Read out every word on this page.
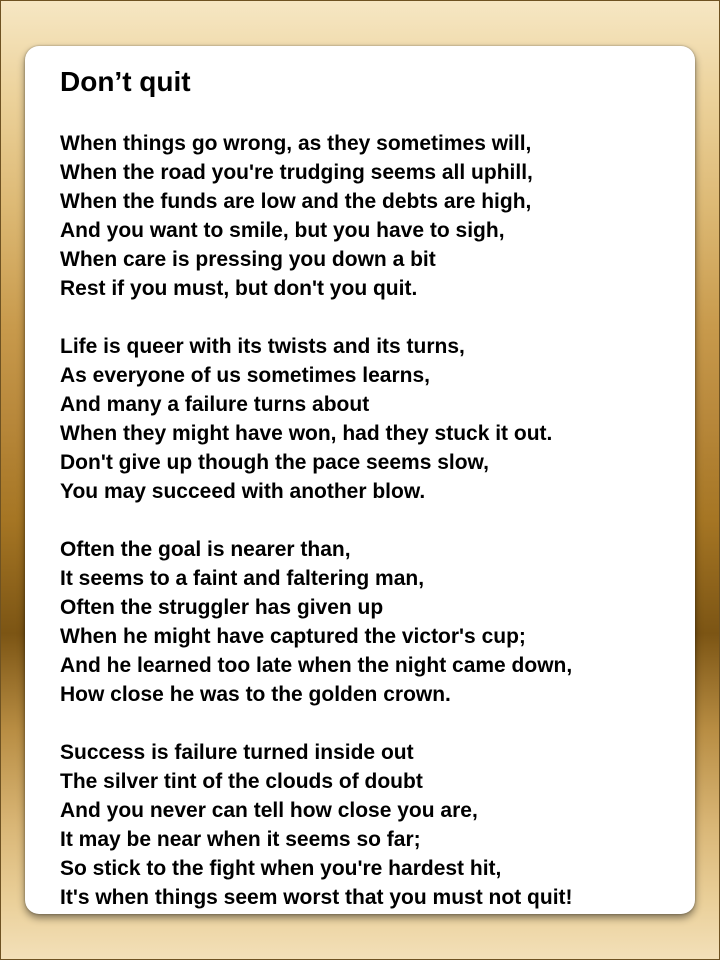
Don’t quit
When things go wrong, as they sometimes will,
When the road you're trudging seems all uphill,
When the funds are low and the debts are high,
And you want to smile, but you have to sigh,
When care is pressing you down a bit
Rest if you must, but don't you quit.
Life is queer with its twists and its turns,
As everyone of us sometimes learns,
And many a failure turns about
When they might have won, had they stuck it out.
Don't give up though the pace seems slow,
You may succeed with another blow.
Often the goal is nearer than,
It seems to a faint and faltering man,
Often the struggler has given up
When he might have captured the victor's cup;
And he learned too late when the night came down,
How close he was to the golden crown.
Success is failure turned inside out
The silver tint of the clouds of doubt
And you never can tell how close you are,
It may be near when it seems so far;
So stick to the fight when you're hardest hit,
It's when things seem worst that you must not quit!
